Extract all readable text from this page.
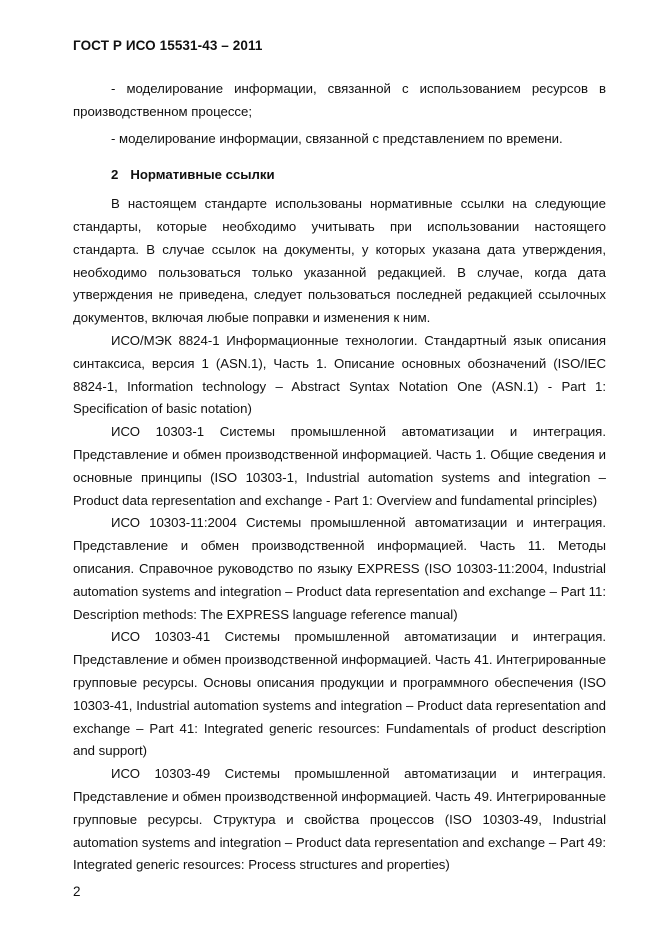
ГОСТ Р ИСО 15531-43 – 2011

- моделирование информации, связанной с использованием ресурсов в производственном процессе;

- моделирование информации, связанной с представлением по времени.

2 Нормативные ссылки

В настоящем стандарте использованы нормативные ссылки на следующие стандарты, которые необходимо учитывать при использовании настоящего стандарта. В случае ссылок на документы, у которых указана дата утверждения, необходимо пользоваться только указанной редакцией. В случае, когда дата утверждения не приведена, следует пользоваться последней редакцией ссылочных документов, включая любые поправки и изменения к ним.

ИСО/МЭК 8824-1 Информационные технологии. Стандартный язык описания синтаксиса, версия 1 (ASN.1), Часть 1. Описание основных обозначений (ISO/IEC 8824-1, Information technology – Abstract Syntax Notation One (ASN.1) - Part 1: Specification of basic notation)

ИСО 10303-1 Системы промышленной автоматизации и интеграция. Представление и обмен производственной информацией. Часть 1. Общие сведения и основные принципы (ISO 10303-1, Industrial automation systems and integration – Product data representation and exchange - Part 1: Overview and fundamental principles)

ИСО 10303-11:2004 Системы промышленной автоматизации и интеграция. Представление и обмен производственной информацией. Часть 11. Методы описания. Справочное руководство по языку EXPRESS (ISO 10303-11:2004, Industrial automation systems and integration – Product data representation and exchange – Part 11: Description methods: The EXPRESS language reference manual)

ИСО 10303-41 Системы промышленной автоматизации и интеграция. Представление и обмен производственной информацией. Часть 41. Интегрированные групповые ресурсы. Основы описания продукции и программного обеспечения (ISO 10303-41, Industrial automation systems and integration – Product data representation and exchange – Part 41: Integrated generic resources: Fundamentals of product description and support)

ИСО 10303-49 Системы промышленной автоматизации и интеграция. Представление и обмен производственной информацией. Часть 49. Интегрированные групповые ресурсы. Структура и свойства процессов (ISO 10303-49, Industrial automation systems and integration – Product data representation and exchange – Part 49: Integrated generic resources: Process structures and properties)

2
